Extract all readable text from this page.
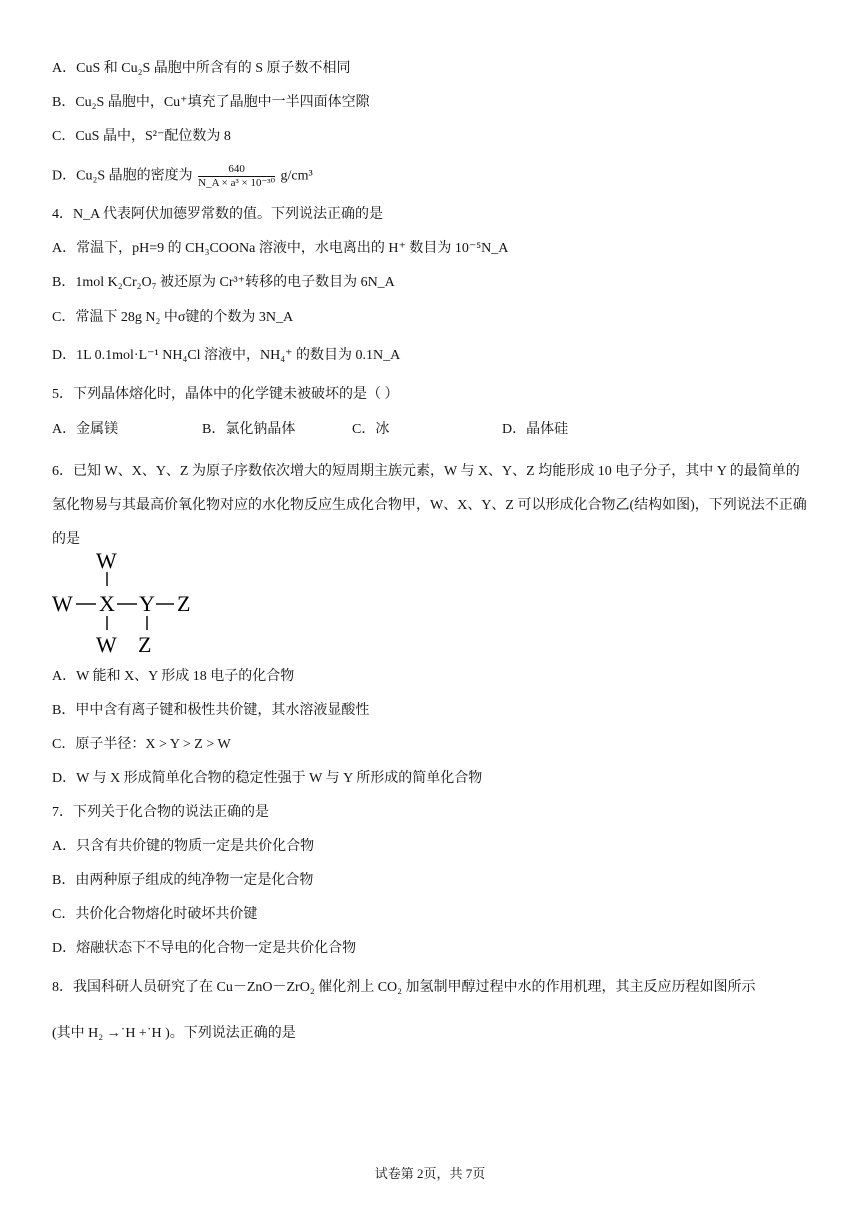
A．CuS 和 Cu₂S 晶胞中所含有的 S 原子数不相同
B．Cu₂S 晶胞中，Cu⁺填充了晶胞中一半四面体空隙
C．CuS 晶中，S²⁻配位数为 8
D．Cu₂S 晶胞的密度为 $\frac{640}{\text{N\_A × a³ × 10⁻³⁰}} g/cm^3$
4．N_A 代表阿伏加德罗常数的值。下列说法正确的是
A．常温下，pH=9 的 CH₃COONa 溶液中，水电离出的 H⁺ 数目为 10⁻⁵N_A
B．1mol K₂Cr₂O₇ 被还原为 Cr³⁺转移的电子数目为 6N_A
C．常温下 28g N₂ 中σ键的个数为 3N_A
D．1L 0.1mol·L⁻¹ NH₄Cl 溶液中，NH₄⁺ 的数目为 0.1N_A
5．下列晶体熔化时，晶体中的化学键未被破坏的是（ ）
A．金属镁	B．氯化钠晶体	C．冰	D．晶体硅
6．已知 W、X、Y、Z 为原子序数依次增大的短周期主族元素，W 与 X、Y、Z 均能形成 10 电子分子，其中 Y 的最简单的氢化物易与其最高价氧化物对应的水化物反应生成化合物甲，W、X、Y、Z 可以形成化合物乙(结构如图)，下列说法不正确的是
W
W X Y Z
W Z
A．W 能和 X、Y 形成 18 电子的化合物
B．甲中含有离子键和极性共价键，其水溶液显酸性
C．原子半径：X > Y > Z > W
D．W 与 X 形成简单化合物的稳定性强于 W 与 Y 所形成的简单化合物
7．下列关于化合物的说法正确的是
A．只含有共价键的物质一定是共价化合物
B．由两种原子组成的纯净物一定是化合物
C．共价化合物熔化时破坏共价键
D．熔融状态下不导电的化合物一定是共价化合物
8．我国科研人员研究了在 Cu－ZnO－ZrO₂ 催化剂上 CO₂ 加氢制甲醇过程中水的作用机理，其主反应历程如图所示
(其中 H₂ →˙H +˙H )。下列说法正确的是
试卷第 2页，共 7页
